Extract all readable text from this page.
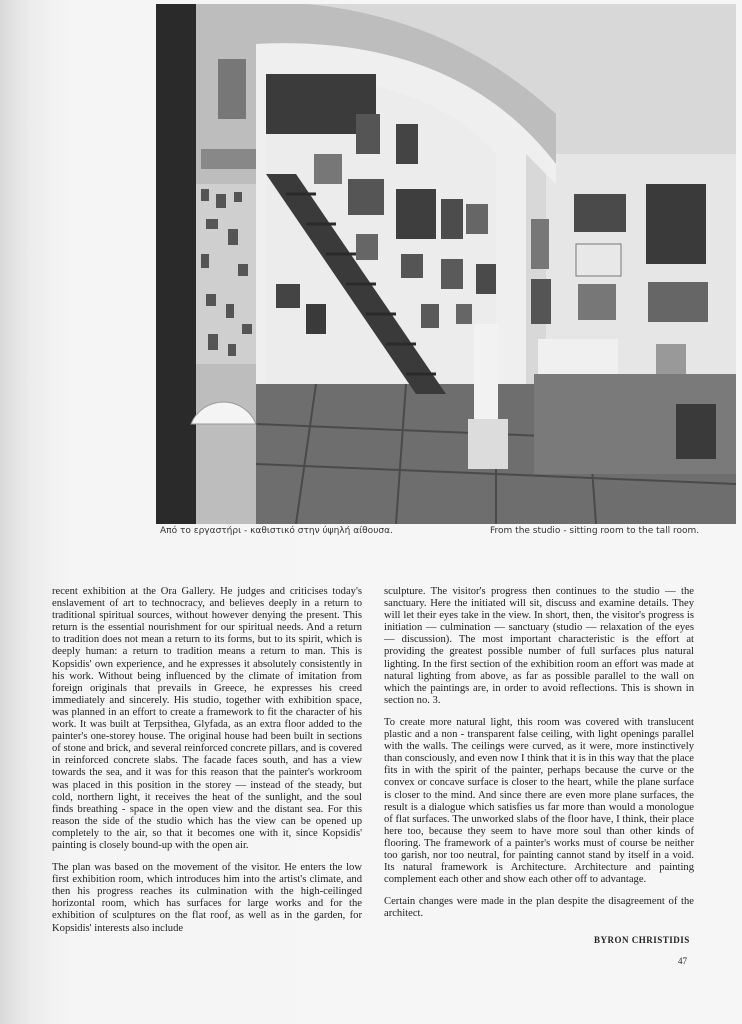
Από το εργαστήρι - καθιστικό στην ύψηλή αίθουσα.	From the studio - sitting room to the tall room.

recent exhibition at the Ora Gallery. He judges and criticises today's enslavement of art to technocracy, and believes deeply in a return to traditional spiritual sources, without however denying the present. This return is the essential nourishment for our spiritual needs. And a return to tradition does not mean a return to its forms, but to its spirit, which is deeply human: a return to tradition means a return to man. This is Kopsidis' own experience, and he expresses it absolutely consistently in his work. Without being influenced by the climate of imitation from foreign originals that prevails in Greece, he expresses his creed immediately and sincerely. His studio, together with exhibition space, was planned in an effort to create a framework to fit the character of his work. It was built at Terpsithea, Glyfada, as an extra floor added to the painter's one-storey house. The original house had been built in sections of stone and brick, and several reinforced concrete pillars, and is covered in reinforced concrete slabs. The facade faces south, and has a view towards the sea, and it was for this reason that the painter's workroom was placed in this position in the storey — instead of the steady, but cold, northern light, it receives the heat of the sunlight, and the soul finds breathing - space in the open view and the distant sea. For this reason the side of the studio which has the view can be opened up completely to the air, so that it becomes one with it, since Kopsidis' painting is closely bound-up with the open air.

The plan was based on the movement of the visitor. He enters the low first exhibition room, which introduces him into the artist's climate, and then his progress reaches its culmination with the high-ceilinged horizontal room, which has surfaces for large works and for the exhibition of sculptures on the flat roof, as well as in the garden, for Kopsidis' interests also include

sculpture. The visitor's progress then continues to the studio — the sanctuary. Here the initiated will sit, discuss and examine details. They will let their eyes take in the view. In short, then, the visitor's progress is initiation — culmination — sanctuary (studio — relaxation of the eyes — discussion). The most important characteristic is the effort at providing the greatest possible number of full surfaces plus natural lighting. In the first section of the exhibition room an effort was made at natural lighting from above, as far as possible parallel to the wall on which the paintings are, in order to avoid reflections. This is shown in section no. 3.

To create more natural light, this room was covered with translucent plastic and a non - transparent false ceiling, with light openings parallel with the walls. The ceilings were curved, as it were, more instinctively than consciously, and even now I think that it is in this way that the place fits in with the spirit of the painter, perhaps because the curve or the convex or concave surface is closer to the heart, while the plane surface is closer to the mind. And since there are even more plane surfaces, the result is a dialogue which satisfies us far more than would a monologue of flat surfaces. The unworked slabs of the floor have, I think, their place here too, because they seem to have more soul than other kinds of flooring. The framework of a painter's works must of course be neither too garish, nor too neutral, for painting cannot stand by itself in a void. Its natural framework is Architecture. Architecture and painting complement each other and show each other off to advantage.

Certain changes were made in the plan despite the disagreement of the architect.

BYRON CHRISTIDIS
47
